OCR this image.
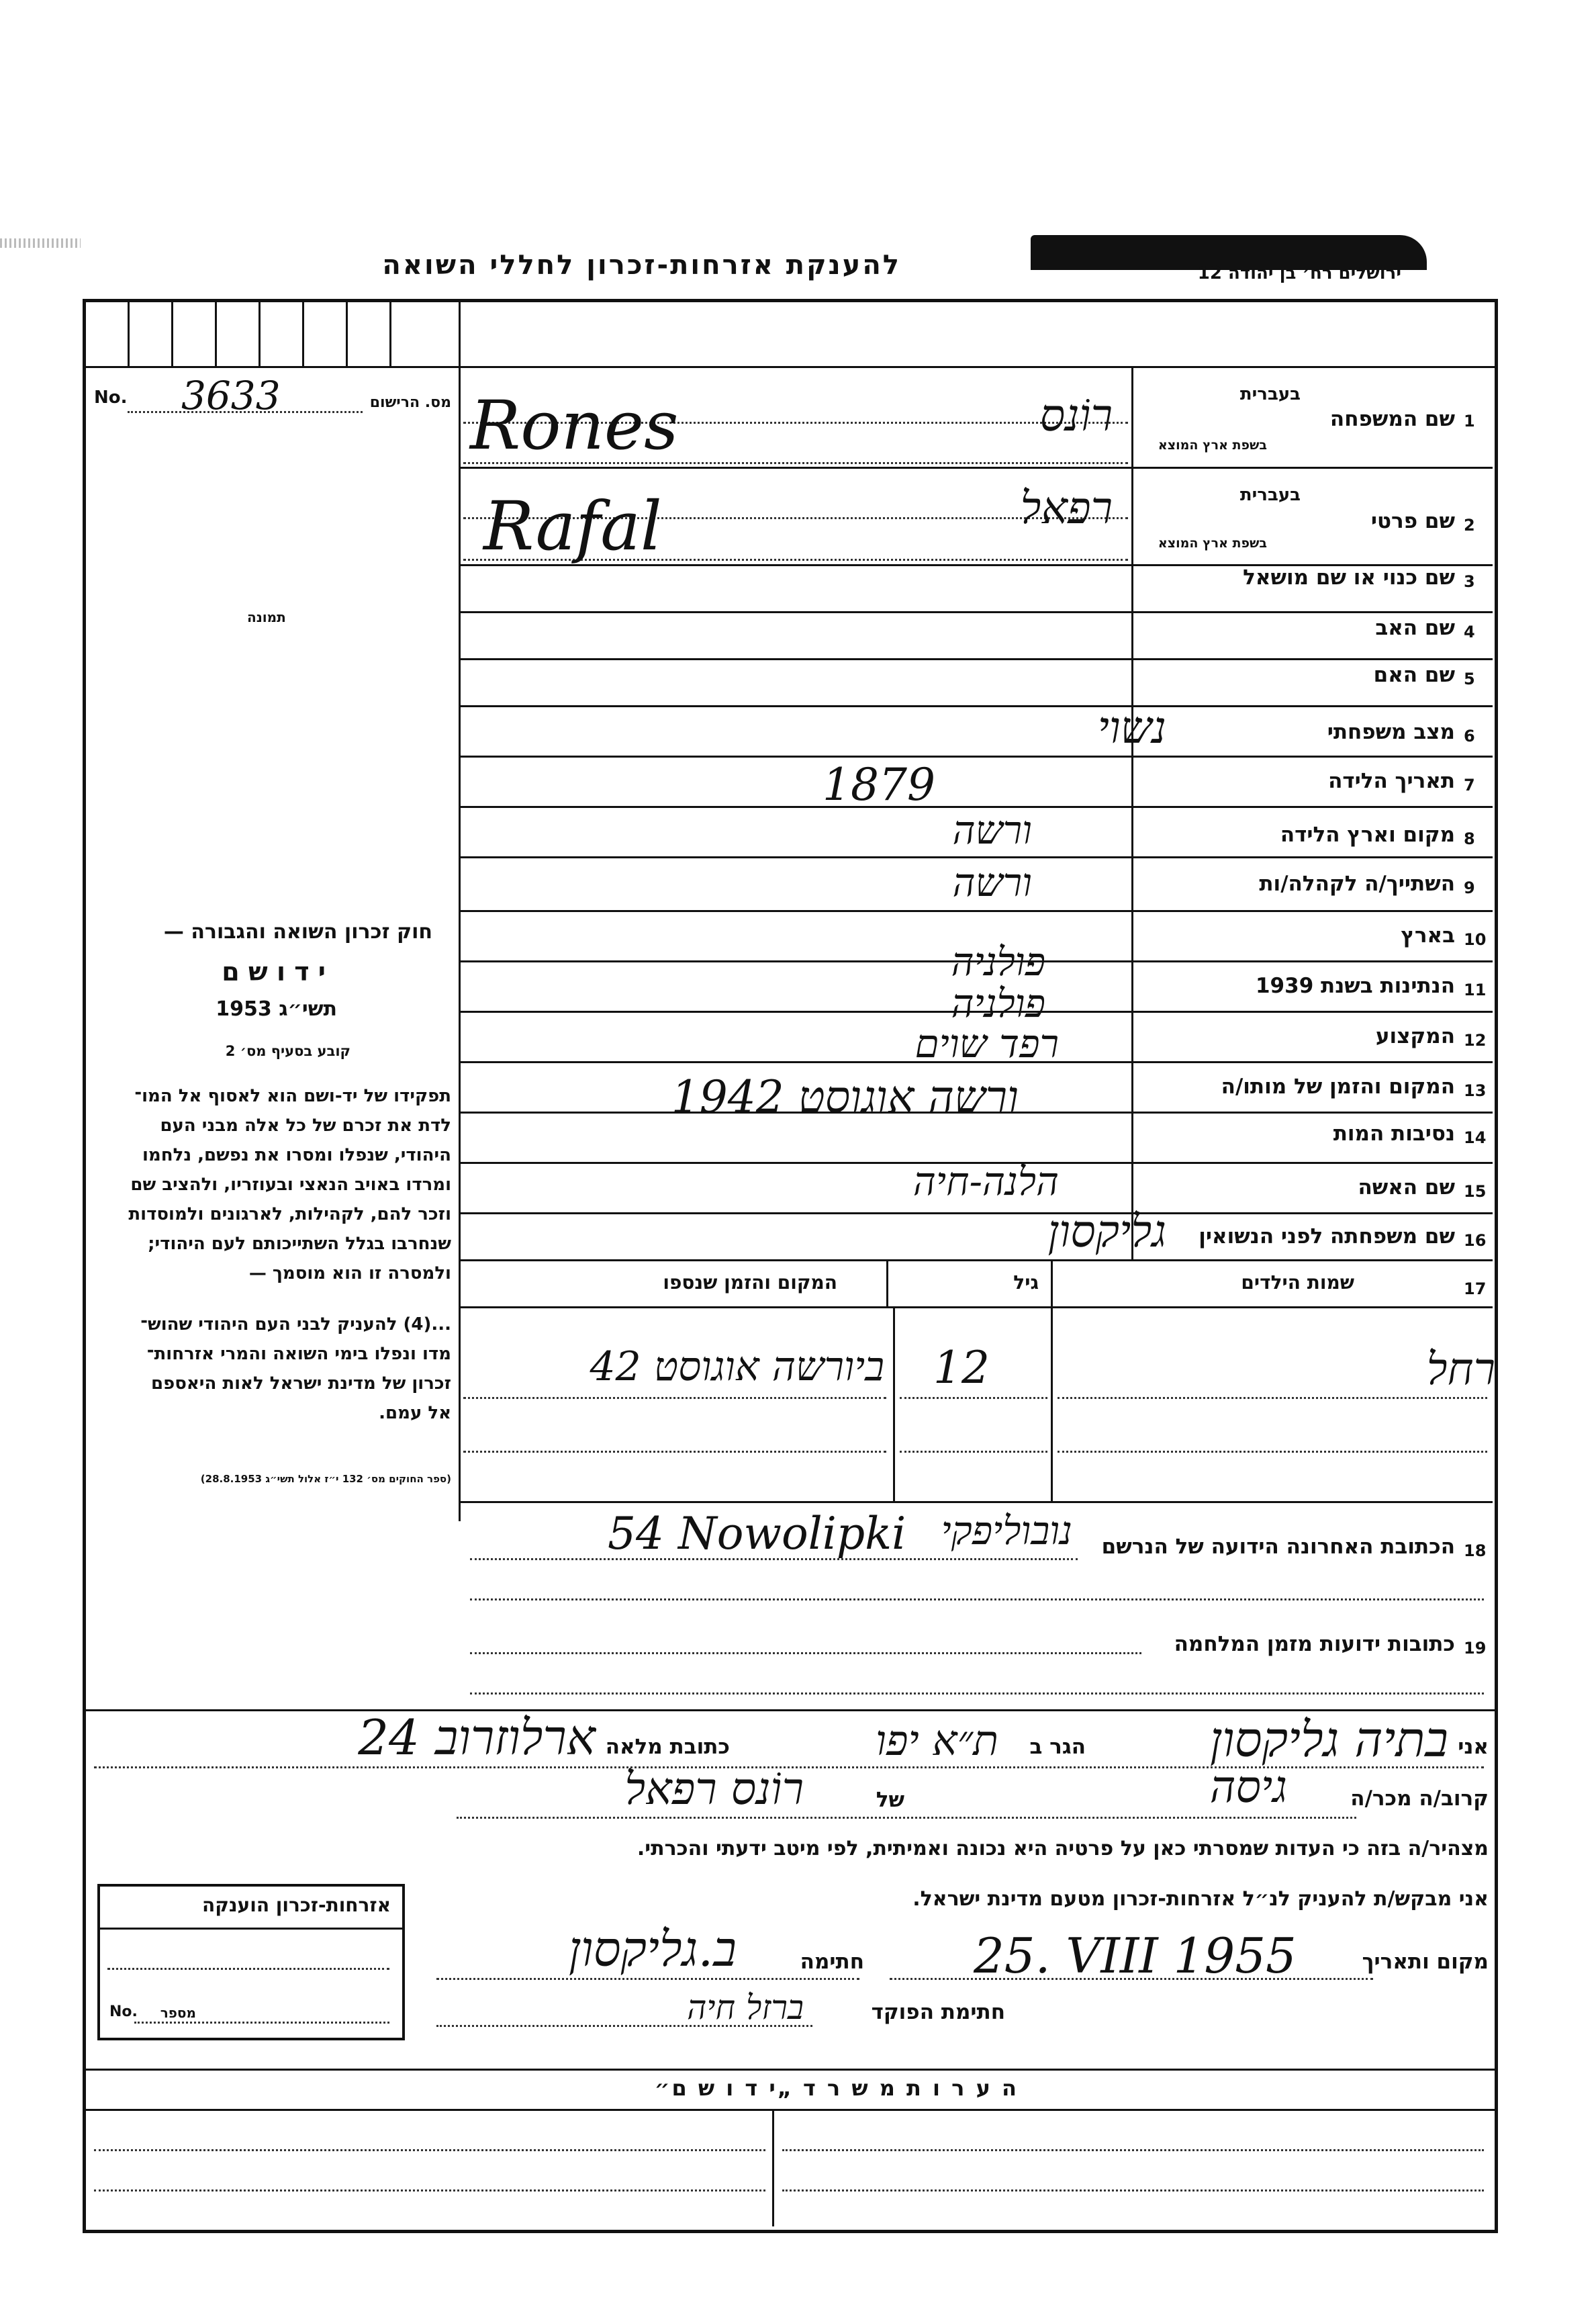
להענקת אזרחות-זכרון לחללי השואה	ירושלים רח׳ בן יהודה 12
No. 3633	מס. הרישום
תמונה
חוק זכרון השואה והגבורה —
י ד ו ש ם
תשי״ג 1953
קובע בסעיף מס׳ 2
תפקידו של יד-ושם הוא לאסוף אל המו־
לדת את זכרם של כל אלה מבני העם
היהודי, שנפלו ומסרו את נפשם, נלחמו
ומרדו באויב הנאצי ובעוזריו, ולהציב שם
וזכר להם, לקהילות, לארגונים ולמוסדות
שנחרבו בגלל השתייכותם לעם היהודי;
ולמסרה זו הוא מוסמך —
...(4) להעניק לבני העם היהודי שהוש־
מדו ונפלו בימי השואה והמרי אזרחות־
זכרון של מדינת ישראל לאות היאספם
אל עמם.
(ספר החוקים מס׳ 132 י״ז אלול תשי״ג 28.8.1953)
1
בעברית
שם המשפחה
בשפת ארץ המוצא
רוֹנס
Rones
2
בעברית
שם פרטי
בשפת ארץ המוצא
רפאל
Rafal
3
שם כנוי או שם מושאל
4
שם האב
5
שם האם
6
מצב משפחתי
נשוי
7
תאריך הלידה
1879
8
מקום וארץ הלידה
ורשה
9
השתייך/ה לקהלה/ות
ורשה
10
בארץ
פולניה
11
הנתינות בשנת 1939
פולניה
12
המקצוע
רפד שוים
13
המקום והזמן של מותו/ה
ורשה אוגוסט 1942
14
נסיבות המות
15
שם האשה
הלנה-חיה
16
שם משפחתה לפני הנשואין
גליקסון
17
שמות הילדים
גיל
המקום והזמן שנספו
רחל
12
ביורשה אוגוסט 42
18
הכתובת האחרונה הידועה של הנרשם
54 Nowolipki נובוליפקי
19
כתובות ידועות מזמן המלחמה
אני
בתיה גליקסון
הגר ב
ת״א יפו
כתובת מלאה
ארלוזרוב 24
קרוב/ה מכר/ה
גיסה
של
רוֹנס רפאל
מצהיר/ה בזה כי העדות שמסרתי כאן על פרטיה היא נכונה ואמיתית, לפי מיטב ידעתי והכרתי.
אני מבקש/ת להעניק לנ״ל אזרחות-זכרון מטעם מדינת ישראל.
מקום ותאריך
25. VIII 1955
חתימה
ב.גליקסון
חתימת הפוקד
ברזל חיה
אזרחות-זכרון הוענקה
No. מספר
ה ע ר ו ת מ ש ר ד „י ד ו ש ם״
